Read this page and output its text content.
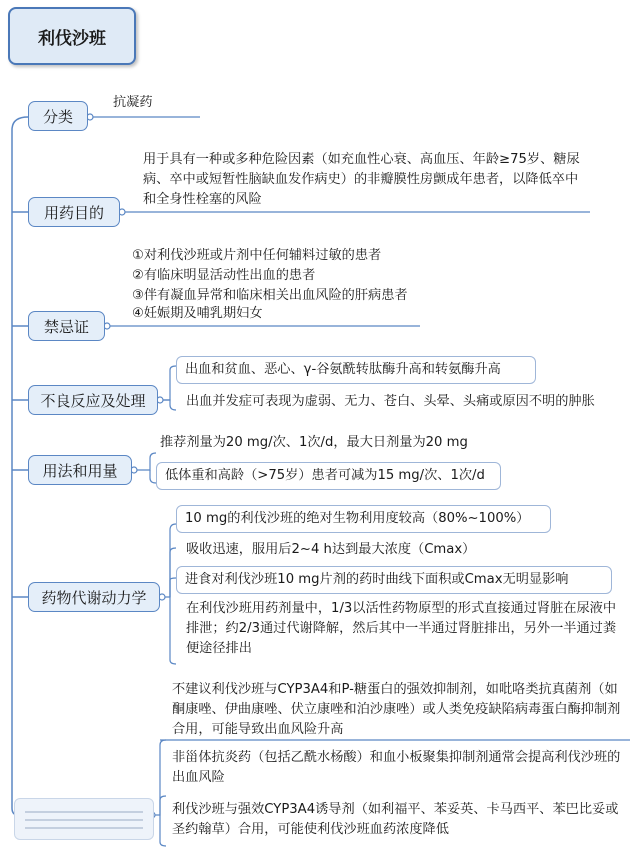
利伐沙班
分类
抗凝药
用药目的
用于具有一种或多种危险因素（如充血性心衰、高血压、年龄≥75岁、糖尿病、卒中或短暂性脑缺血发作病史）的非瓣膜性房颤成年患者，以降低卒中和全身性栓塞的风险
禁忌证
①对利伐沙班或片剂中任何辅料过敏的患者
②有临床明显活动性出血的患者
③伴有凝血异常和临床相关出血风险的肝病患者
④妊娠期及哺乳期妇女
不良反应及处理
出血和贫血、恶心、γ-谷氨酰转肽酶升高和转氨酶升高
出血并发症可表现为虚弱、无力、苍白、头晕、头痛或原因不明的肿胀
用法和用量
推荐剂量为20 mg/次、1次/d，最大日剂量为20 mg
低体重和高龄（>75岁）患者可减为15 mg/次、1次/d
药物代谢动力学
10 mg的利伐沙班的绝对生物利用度较高（80%~100%）
吸收迅速，服用后2~4 h达到最大浓度（Cmax）
进食对利伐沙班10 mg片剂的药时曲线下面积或Cmax无明显影响
在利伐沙班用药剂量中，1/3以活性药物原型的形式直接通过肾脏在尿液中排泄；约2/3通过代谢降解，然后其中一半通过肾脏排出，另外一半通过粪便途径排出
不建议利伐沙班与CYP3A4和P-糖蛋白的强效抑制剂，如吡咯类抗真菌剂（如酮康唑、伊曲康唑、伏立康唑和泊沙康唑）或人类免疫缺陷病毒蛋白酶抑制剂合用，可能导致出血风险升高
非甾体抗炎药（包括乙酰水杨酸）和血小板聚集抑制剂通常会提高利伐沙班的出血风险
利伐沙班与强效CYP3A4诱导剂（如利福平、苯妥英、卡马西平、苯巴比妥或圣约翰草）合用，可能使利伐沙班血药浓度降低
